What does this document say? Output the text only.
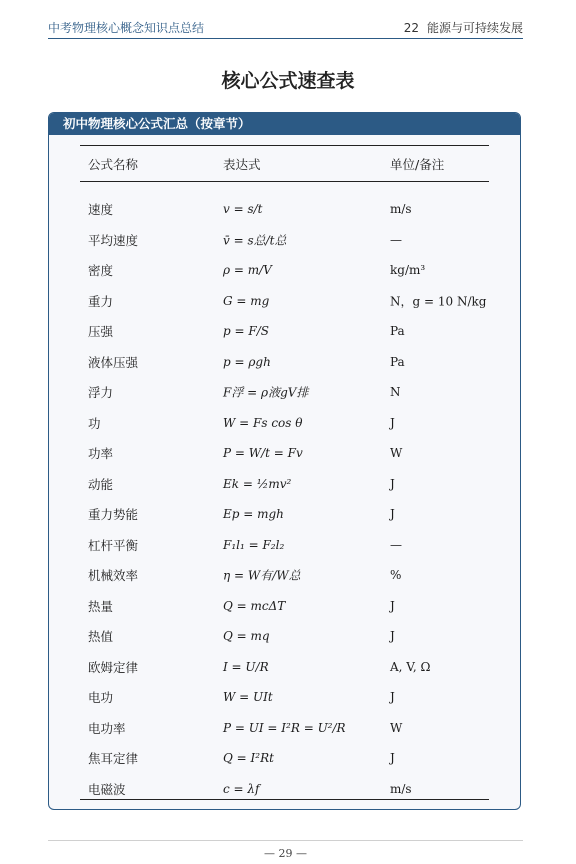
中考物理核心概念知识点总结	22 能源与可持续发展
核心公式速查表
初中物理核心公式汇总（按章节）
公式名称	表达式	单位/备注
速度	v = s/t	m/s
平均速度	v̄ = s总/t总	—
密度	ρ = m/V	kg/m³
重力	G = mg	N，g = 10 N/kg
压强	p = F/S	Pa
液体压强	p = ρgh	Pa
浮力	F浮 = ρ液gV排	N
功	W = Fs cos θ	J
功率	P = W/t = Fv	W
动能	Ek = ½mv²	J
重力势能	Ep = mgh	J
杠杆平衡	F₁l₁ = F₂l₂	—
机械效率	η = W有/W总	%
热量	Q = mcΔT	J
热值	Q = mq	J
欧姆定律	I = U/R	A, V, Ω
电功	W = UIt	J
电功率	P = UI = I²R = U²/R	W
焦耳定律	Q = I²Rt	J
电磁波	c = λf	m/s
— 29 —
